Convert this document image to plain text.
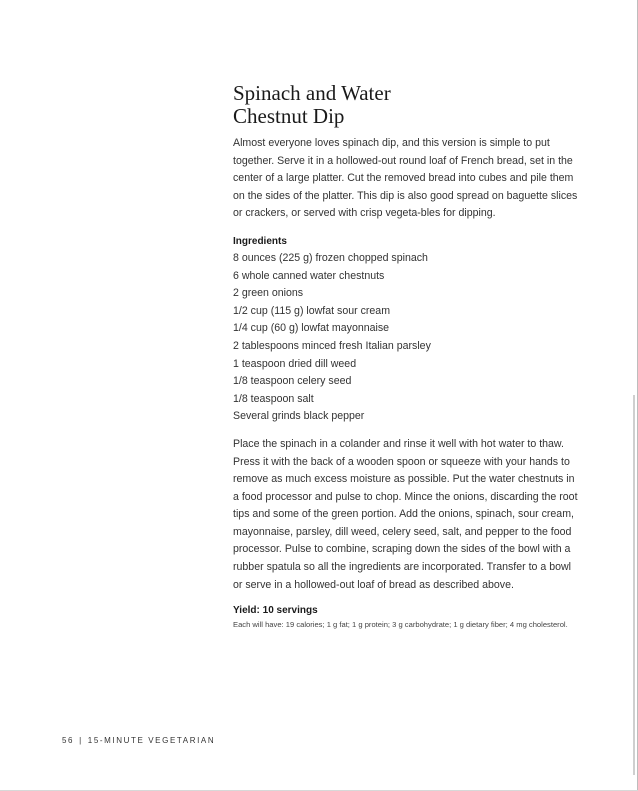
Spinach and Water
Chestnut Dip

Almost everyone loves spinach dip, and this version is simple to put together. Serve it in a hollowed-out round loaf of French bread, set in the center of a large platter. Cut the removed bread into cubes and pile them on the sides of the platter. This dip is also good spread on baguette slices or crackers, or served with crisp vegeta-bles for dipping.

Ingredients
8 ounces (225 g) frozen chopped spinach
6 whole canned water chestnuts
2 green onions
1/2 cup (115 g) lowfat sour cream
1/4 cup (60 g) lowfat mayonnaise
2 tablespoons minced fresh Italian parsley
1 teaspoon dried dill weed
1/8 teaspoon celery seed
1/8 teaspoon salt
Several grinds black pepper

Place the spinach in a colander and rinse it well with hot water to thaw. Press it with the back of a wooden spoon or squeeze with your hands to remove as much excess moisture as possible. Put the water chestnuts in a food processor and pulse to chop. Mince the onions, discarding the root tips and some of the green portion. Add the onions, spinach, sour cream, mayonnaise, parsley, dill weed, celery seed, salt, and pepper to the food processor. Pulse to combine, scraping down the sides of the bowl with a rubber spatula so all the ingredients are incorporated. Transfer to a bowl or serve in a hollowed-out loaf of bread as described above.

Yield: 10 servings

Each will have: 19 calories; 1 g fat; 1 g protein; 3 g carbohydrate; 1 g dietary fiber; 4 mg cholesterol.

56 | 15-MINUTE VEGETARIAN
